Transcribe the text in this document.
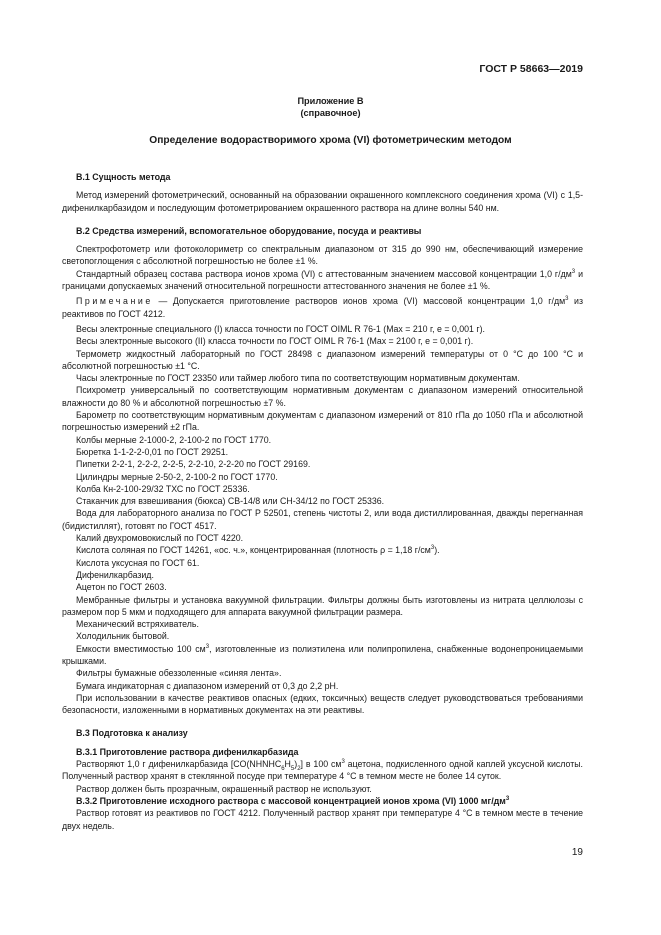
ГОСТ Р 58663—2019
Приложение В
(справочное)
Определение водорастворимого хрома (VI) фотометрическим методом
В.1 Сущность метода

Метод измерений фотометрический, основанный на образовании окрашенного комплексного соединения хрома (VI) с 1,5-дифенилкарбазидом и последующим фотометрированием окрашенного раствора на длине волны 540 нм.

В.2 Средства измерений, вспомогательное оборудование, посуда и реактивы

Спектрофотометр или фотоколориметр со спектральным диапазоном от 315 до 990 нм, обеспечивающий измерение светопоглощения с абсолютной погрешностью не более ±1 %.

Стандартный образец состава раствора ионов хрома (VI) с аттестованным значением массовой концентрации 1,0 $г/дм^3$ и границами допускаемых значений относительной погрешности аттестованного значения не более ±1 %.

Примечание — Допускается приготовление растворов ионов хрома (VI) массовой концентрации 1,0 $г/дм^3$ из реактивов по ГОСТ 4212.

Весы электронные специального (I) класса точности по ГОСТ OIML R 76-1 (Max = 210 г, e = 0,001 г).

Весы электронные высокого (II) класса точности по ГОСТ OIML R 76-1 (Max = 2100 г, e = 0,001 г).

Термометр жидкостный лабораторный по ГОСТ 28498 с диапазоном измерений температуры от 0 °C до 100 °C и абсолютной погрешностью ±1 °C.

Часы электронные по ГОСТ 23350 или таймер любого типа по соответствующим нормативным документам.

Психрометр универсальный по соответствующим нормативным документам с диапазоном измерений относительной влажности до 80 % и абсолютной погрешностью ±7 %.

Барометр по соответствующим нормативным документам с диапазоном измерений от 810 гПа до 1050 гПа и абсолютной погрешностью измерений ±2 гПа.

Колбы мерные 2-1000-2, 2-100-2 по ГОСТ 1770.

Бюретка 1-1-2-2-0,01 по ГОСТ 29251.

Пипетки 2-2-1, 2-2-2, 2-2-5, 2-2-10, 2-2-20 по ГОСТ 29169.

Цилиндры мерные 2-50-2, 2-100-2 по ГОСТ 1770.

Колба Кн-2-100-29/32 ТХС по ГОСТ 25336.

Стаканчик для взвешивания (бюкса) СВ-14/8 или СН-34/12 по ГОСТ 25336.

Вода для лабораторного анализа по ГОСТ Р 52501, степень чистоты 2, или вода дистиллированная, дважды перегнанная (бидистиллят), готовят по ГОСТ 4517.

Калий двухромовокислый по ГОСТ 4220.

Кислота соляная по ГОСТ 14261, «ос. ч.», концентрированная (плотность ρ = 1,18 $г/см^3$).

Кислота уксусная по ГОСТ 61.

Дифенилкарбазид.

Ацетон по ГОСТ 2603.

Мембранные фильтры и установка вакуумной фильтрации. Фильтры должны быть изготовлены из нитрата целлюлозы с размером пор 5 мкм и подходящего для аппарата вакуумной фильтрации размера.

Механический встряхиватель.

Холодильник бытовой.

Емкости вместимостью 100 $см^3$, изготовленные из полиэтилена или полипропилена, снабженные водонепроницаемыми крышками.

Фильтры бумажные обеззоленные «синяя лента».

Бумага индикаторная с диапазоном измерений от 0,3 до 2,2 pH.

При использовании в качестве реактивов опасных (едких, токсичных) веществ следует руководствоваться требованиями безопасности, изложенными в нормативных документах на эти реактивы.

В.3 Подготовка к анализу
В.3.1 Приготовление раствора дифенилкарбазида

Растворяют 1,0 г дифенилкарбазида $[CO(NHNHC_6H_5)_2]$ в 100 $см^3$ ацетона, подкисленного одной каплей уксусной кислоты. Полученный раствор хранят в стеклянной посуде при температуре 4 °C в темном месте не более 14 суток.

Раствор должен быть прозрачным, окрашенный раствор не используют.

В.3.2 Приготовление исходного раствора с массовой концентрацией ионов хрома (VI) 1000 $мг/дм^3$

Раствор готовят из реактивов по ГОСТ 4212. Полученный раствор хранят при температуре 4 °C в темном месте в течение двух недель.

19
